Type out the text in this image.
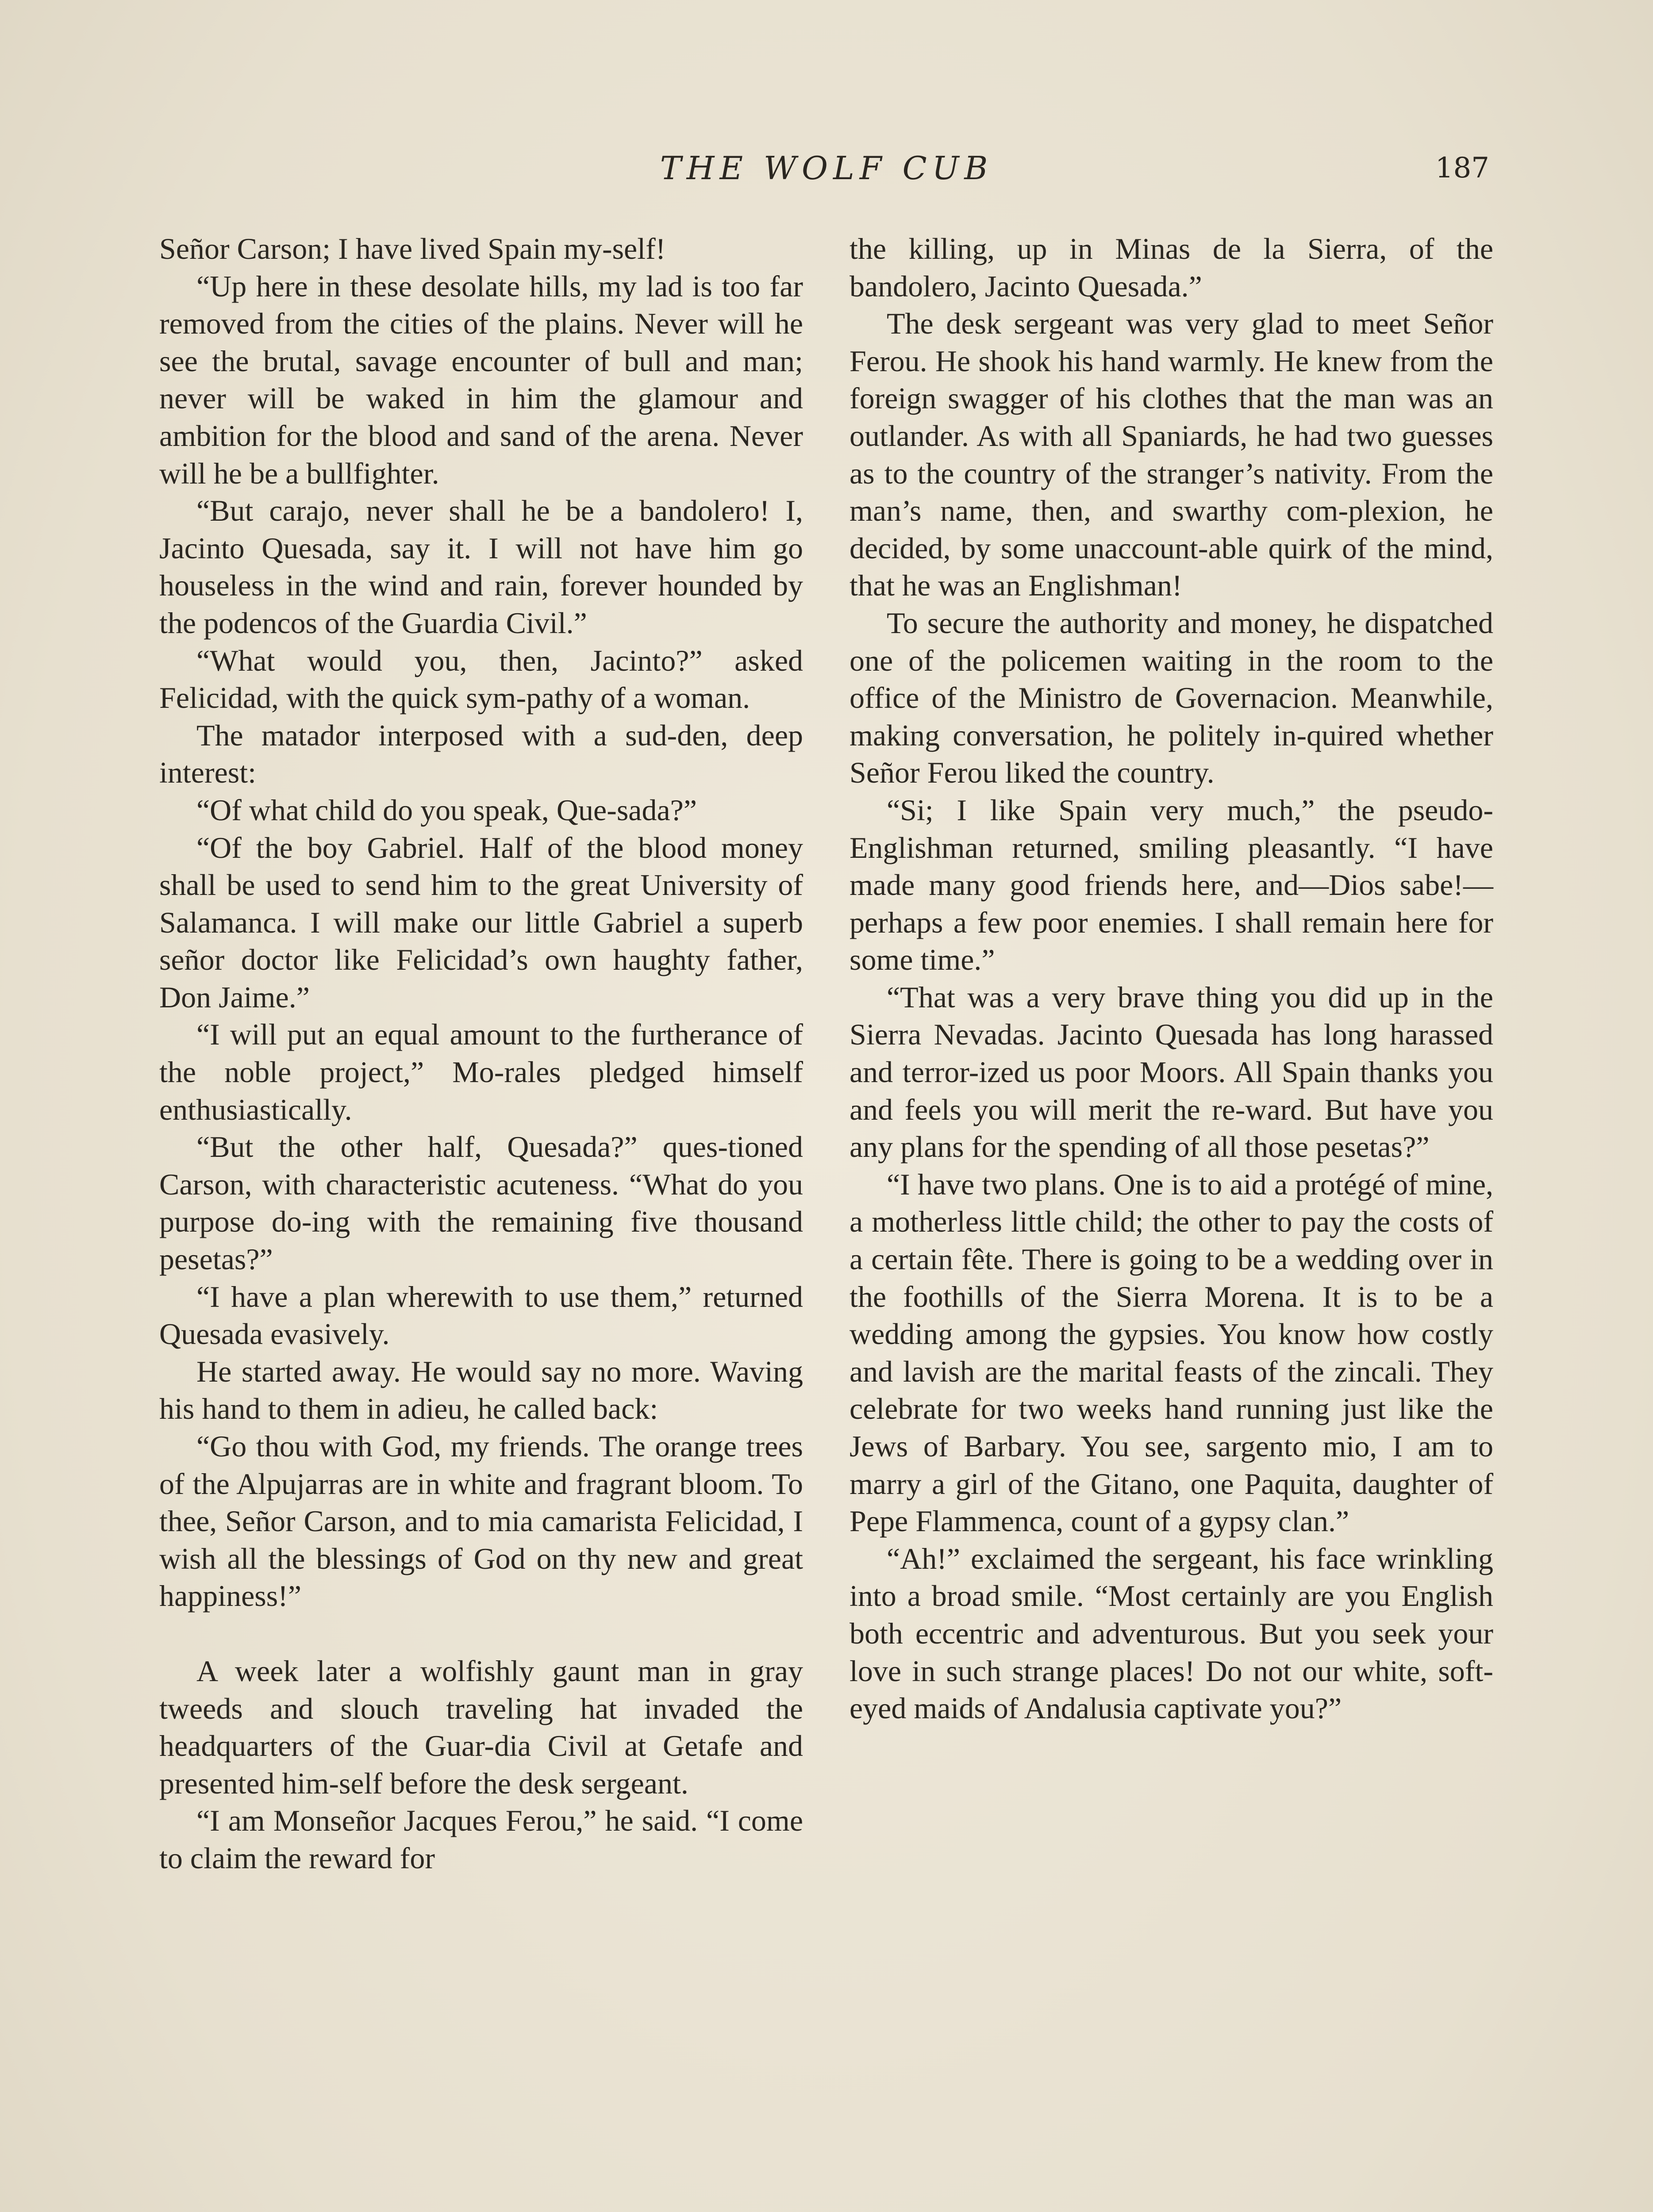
THE WOLF CUB	187

Señor Carson; I have lived Spain my-self!

“Up here in these desolate hills, my lad is too far removed from the cities of the plains. Never will he see the brutal, savage encounter of bull and man; never will be waked in him the glamour and ambition for the blood and sand of the arena. Never will he be a bullfighter.

“But carajo, never shall he be a bandolero! I, Jacinto Quesada, say it. I will not have him go houseless in the wind and rain, forever hounded by the podencos of the Guardia Civil.”

“What would you, then, Jacinto?” asked Felicidad, with the quick sym-pathy of a woman.

The matador interposed with a sud-den, deep interest:

“Of what child do you speak, Que-sada?”

“Of the boy Gabriel. Half of the blood money shall be used to send him to the great University of Salamanca. I will make our little Gabriel a superb señor doctor like Felicidad’s own haughty father, Don Jaime.”

“I will put an equal amount to the furtherance of the noble project,” Mo-rales pledged himself enthusiastically.

“But the other half, Quesada?” ques-tioned Carson, with characteristic acuteness. “What do you purpose do-ing with the remaining five thousand pesetas?”

“I have a plan wherewith to use them,” returned Quesada evasively.

He started away. He would say no more. Waving his hand to them in adieu, he called back:

“Go thou with God, my friends. The orange trees of the Alpujarras are in white and fragrant bloom. To thee, Señor Carson, and to mia camarista Felicidad, I wish all the blessings of God on thy new and great happiness!”

A week later a wolfishly gaunt man in gray tweeds and slouch traveling hat invaded the headquarters of the Guar-dia Civil at Getafe and presented him-self before the desk sergeant.

“I am Monseñor Jacques Ferou,” he said. “I come to claim the reward for

the killing, up in Minas de la Sierra, of the bandolero, Jacinto Quesada.”

The desk sergeant was very glad to meet Señor Ferou. He shook his hand warmly. He knew from the foreign swagger of his clothes that the man was an outlander. As with all Spaniards, he had two guesses as to the country of the stranger’s nativity. From the man’s name, then, and swarthy com-plexion, he decided, by some unaccount-able quirk of the mind, that he was an Englishman!

To secure the authority and money, he dispatched one of the policemen waiting in the room to the office of the Ministro de Governacion. Meanwhile, making conversation, he politely in-quired whether Señor Ferou liked the country.

“Si; I like Spain very much,” the pseudo-Englishman returned, smiling pleasantly. “I have made many good friends here, and—Dios sabe!—perhaps a few poor enemies. I shall remain here for some time.”

“That was a very brave thing you did up in the Sierra Nevadas. Jacinto Quesada has long harassed and terror-ized us poor Moors. All Spain thanks you and feels you will merit the re-ward. But have you any plans for the spending of all those pesetas?”

“I have two plans. One is to aid a protégé of mine, a motherless little child; the other to pay the costs of a certain fête. There is going to be a wedding over in the foothills of the Sierra Morena. It is to be a wedding among the gypsies. You know how costly and lavish are the marital feasts of the zincali. They celebrate for two weeks hand running just like the Jews of Barbary. You see, sargento mio, I am to marry a girl of the Gitano, one Paquita, daughter of Pepe Flammenca, count of a gypsy clan.”

“Ah!” exclaimed the sergeant, his face wrinkling into a broad smile. “Most certainly are you English both eccentric and adventurous. But you seek your love in such strange places! Do not our white, soft-eyed maids of Andalusia captivate you?”
